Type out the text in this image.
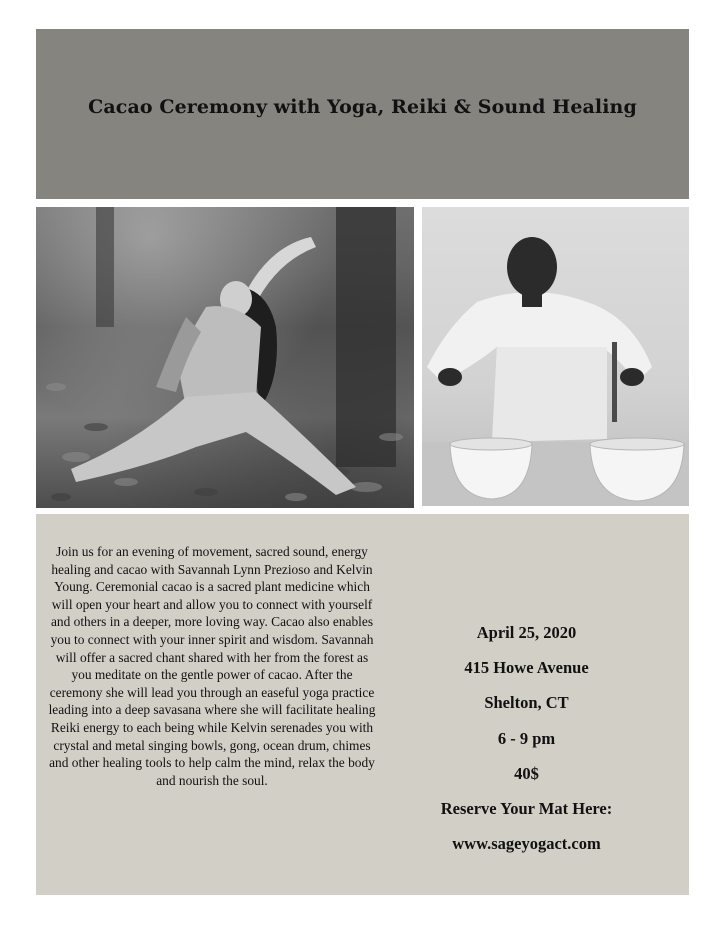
Cacao Ceremony with Yoga, Reiki & Sound Healing

Join us for an evening of movement, sacred sound, energy healing and cacao with Savannah Lynn Prezioso and Kelvin Young. Ceremonial cacao is a sacred plant medicine which will open your heart and allow you to connect with yourself and others in a deeper, more loving way. Cacao also enables you to connect with your inner spirit and wisdom. Savannah will offer a sacred chant shared with her from the forest as you meditate on the gentle power of cacao. After the ceremony she will lead you through an easeful yoga practice leading into a deep savasana where she will facilitate healing Reiki energy to each being while Kelvin serenades you with crystal and metal singing bowls, gong, ocean drum, chimes and other healing tools to help calm the mind, relax the body and nourish the soul.

April 25, 2020
415 Howe Avenue
Shelton, CT
6 - 9 pm
40$
Reserve Your Mat Here:
www.sageyogact.com
